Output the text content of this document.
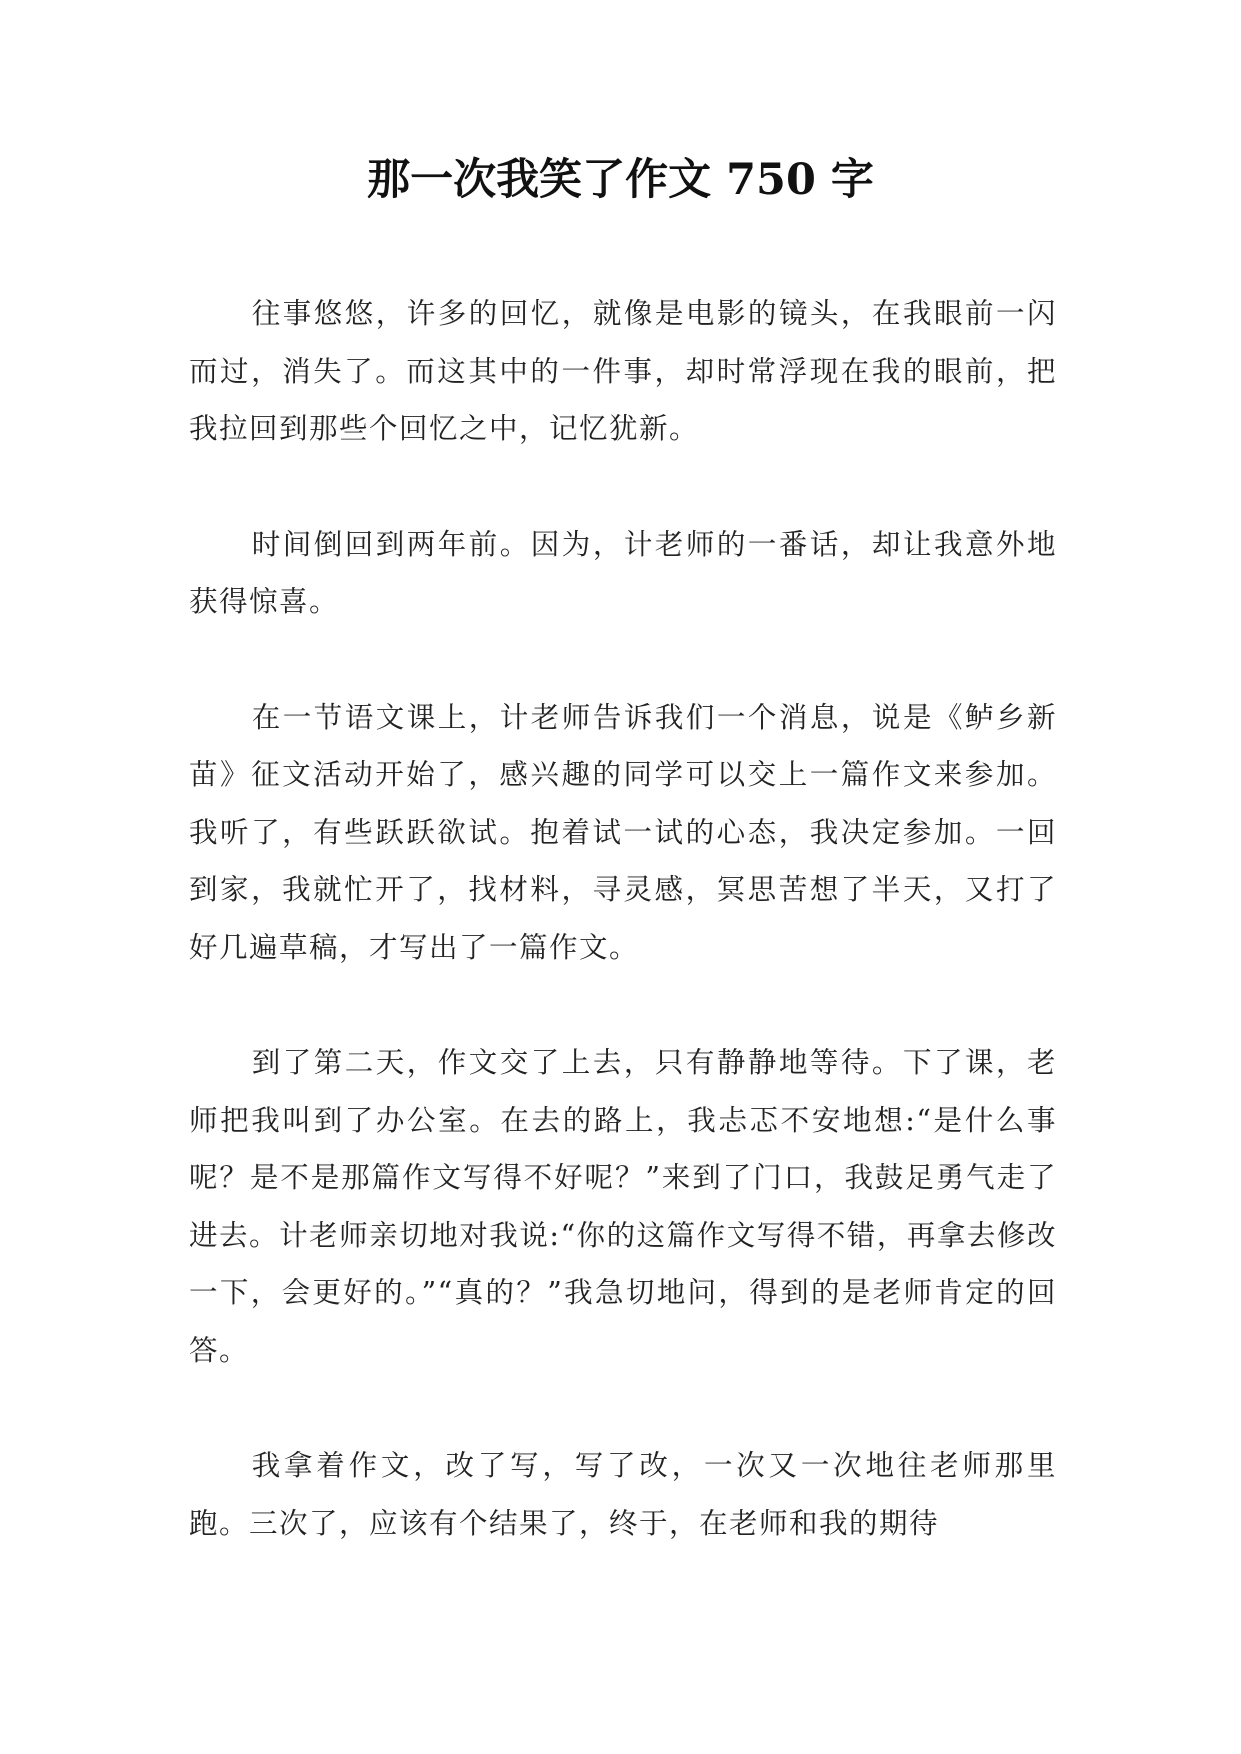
那一次我笑了作文 750 字

往事悠悠，许多的回忆，就像是电影的镜头，在我眼前一闪而过，消失了。而这其中的一件事，却时常浮现在我的眼前，把我拉回到那些个回忆之中，记忆犹新。

时间倒回到两年前。因为，计老师的一番话，却让我意外地获得惊喜。

在一节语文课上，计老师告诉我们一个消息，说是《鲈乡新苗》征文活动开始了，感兴趣的同学可以交上一篇作文来参加。我听了，有些跃跃欲试。抱着试一试的心态，我决定参加。一回到家，我就忙开了，找材料，寻灵感，冥思苦想了半天，又打了好几遍草稿，才写出了一篇作文。

到了第二天，作文交了上去，只有静静地等待。下了课，老师把我叫到了办公室。在去的路上，我忐忑不安地想:“是什么事呢？是不是那篇作文写得不好呢？”来到了门口，我鼓足勇气走了进去。计老师亲切地对我说:“你的这篇作文写得不错，再拿去修改一下，会更好的。”“真的？”我急切地问，得到的是老师肯定的回答。

我拿着作文，改了写，写了改，一次又一次地往老师那里跑。三次了，应该有个结果了，终于，在老师和我的期待
